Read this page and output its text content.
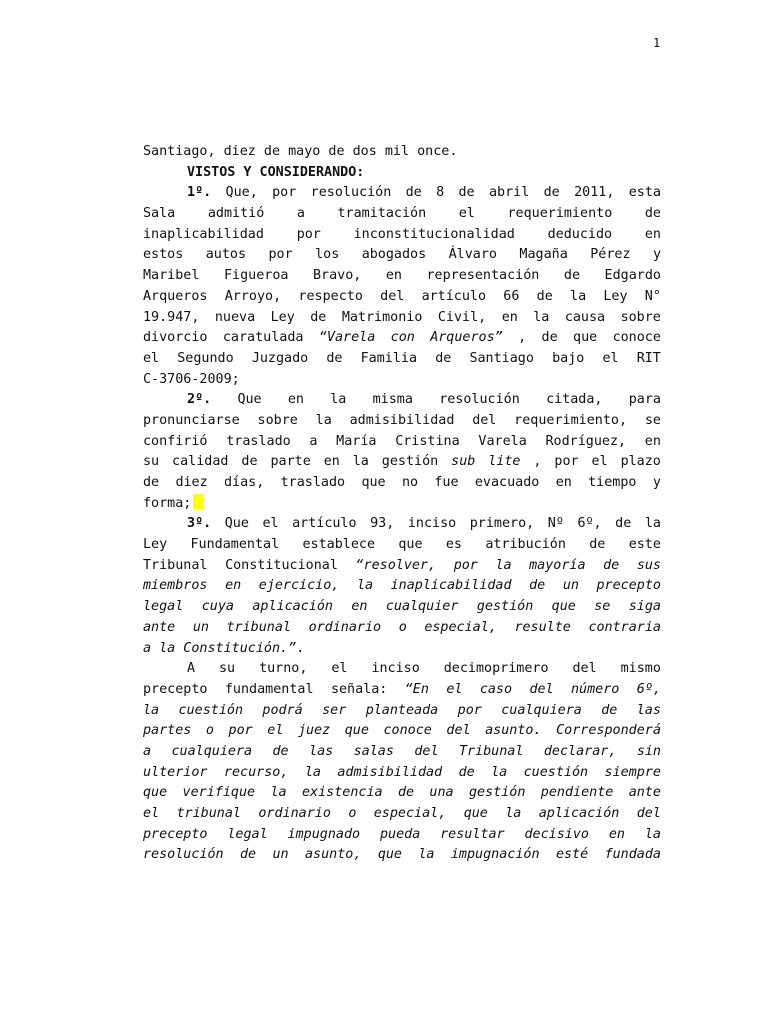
1
Santiago, diez de mayo de dos mil once.
VISTOS Y CONSIDERANDO:
1º. Que, por resolución de 8 de abril de 2011, esta
Sala admitió a tramitación el requerimiento de
inaplicabilidad por inconstitucionalidad deducido en
estos autos por los abogados Álvaro Magaña Pérez y
Maribel Figueroa Bravo, en representación de Edgardo
Arqueros Arroyo, respecto del artículo 66 de la Ley N°
19.947, nueva Ley de Matrimonio Civil, en la causa sobre
divorcio caratulada “Varela con Arqueros” , de que conoce
el Segundo Juzgado de Familia de Santiago bajo el RIT
C-3706-2009;
2º. Que en la misma resolución citada, para
pronunciarse sobre la admisibilidad del requerimiento, se
confirió traslado a María Cristina Varela Rodríguez, en
su calidad de parte en la gestión sub lite , por el plazo
de diez días, traslado que no fue evacuado en tiempo y
forma;
3º. Que el artículo 93, inciso primero, Nº 6º, de la
Ley Fundamental establece que es atribución de este
Tribunal Constitucional “resolver, por la mayoría de sus
miembros en ejercicio, la inaplicabilidad de un precepto
legal cuya aplicación en cualquier gestión que se siga
ante un tribunal ordinario o especial, resulte contraria
a la Constitución.”.
A su turno, el inciso decimoprimero del mismo
precepto fundamental señala: “En el caso del número 6º,
la cuestión podrá ser planteada por cualquiera de las
partes o por el juez que conoce del asunto. Corresponderá
a cualquiera de las salas del Tribunal declarar, sin
ulterior recurso, la admisibilidad de la cuestión siempre
que verifique la existencia de una gestión pendiente ante
el tribunal ordinario o especial, que la aplicación del
precepto legal impugnado pueda resultar decisivo en la
resolución de un asunto, que la impugnación esté fundada
